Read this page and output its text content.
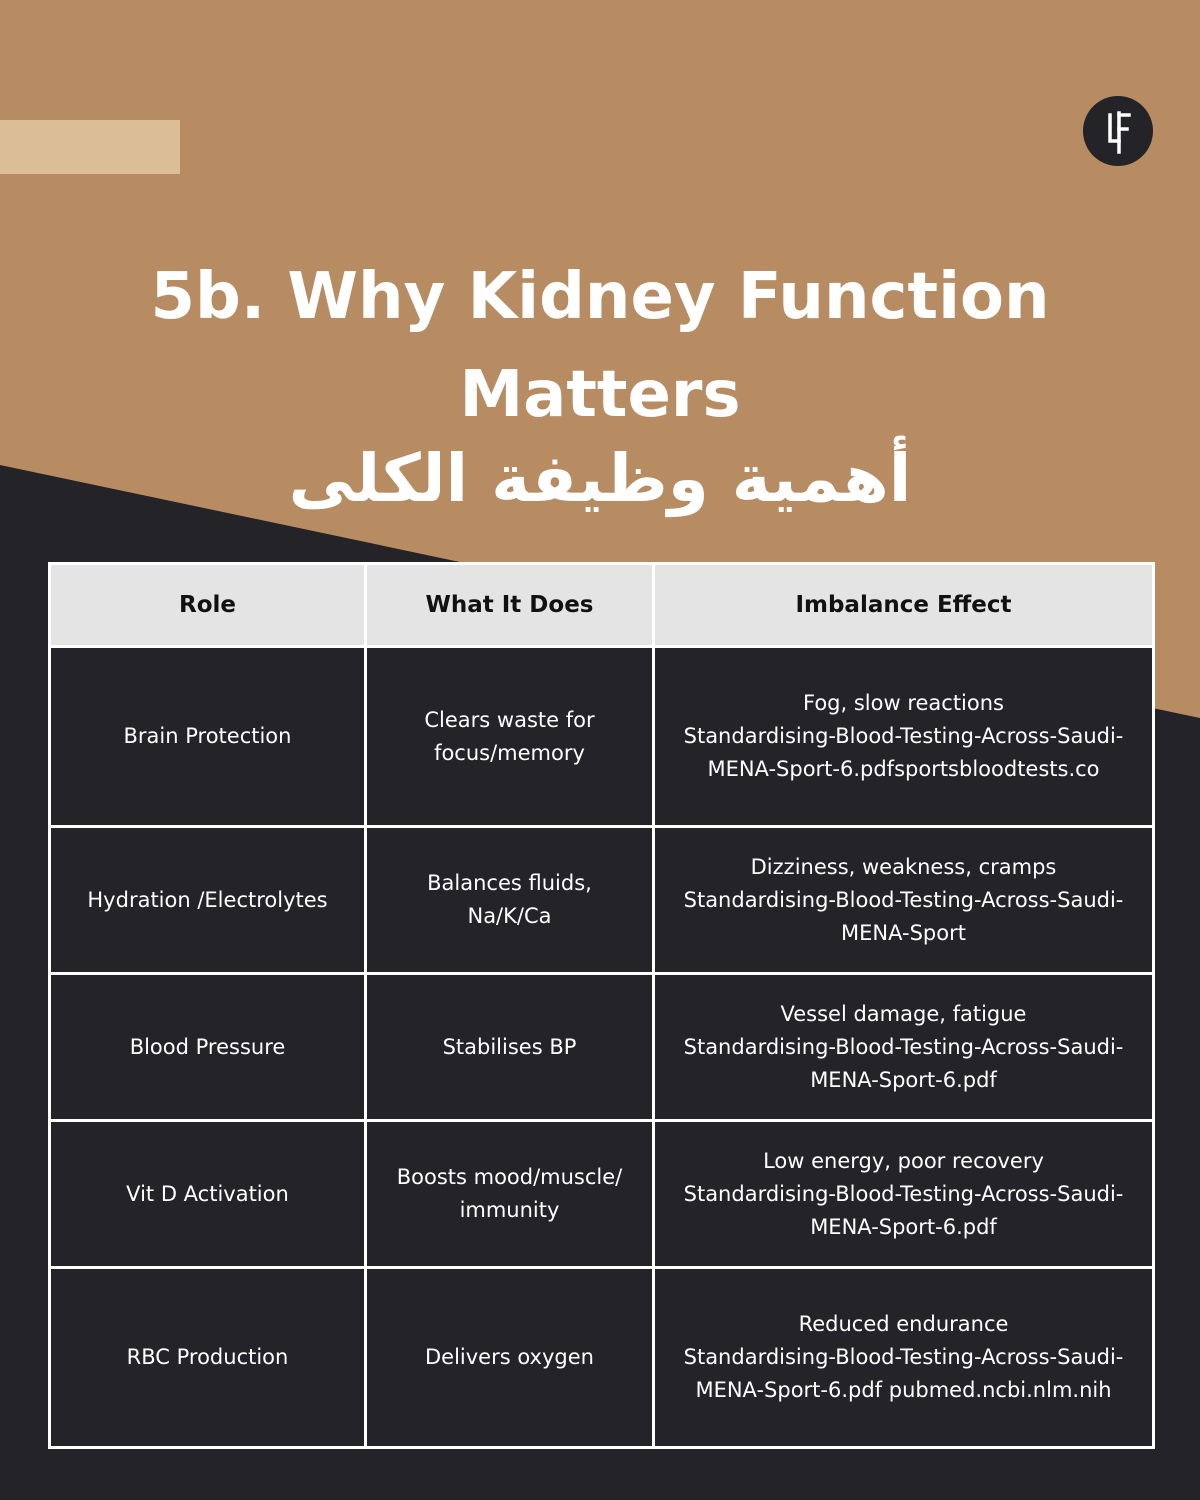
5b. Why Kidney Function Matters
أهمية وظيفة الكلى
Role	What It Does	Imbalance Effect
Brain Protection	Clears waste for focus/memory	Fog, slow reactions
Standardising-Blood-Testing-Across-Saudi-MENA-Sport-6.pdfsportsbloodtests.co

Hydration /Electrolytes	Balances fluids, Na/K/Ca	Dizziness, weakness, cramps
Standardising-Blood-Testing-Across-Saudi-MENA-Sport

Blood Pressure	Stabilises BP	Vessel damage, fatigue
Standardising-Blood-Testing-Across-Saudi-MENA-Sport-6.pdf

Vit D Activation	Boosts mood/muscle/ immunity	Low energy, poor recovery
Standardising-Blood-Testing-Across-Saudi-MENA-Sport-6.pdf

RBC Production	Delivers oxygen	Reduced endurance
Standardising-Blood-Testing-Across-Saudi-MENA-Sport-6.pdf pubmed.ncbi.nlm.nih
